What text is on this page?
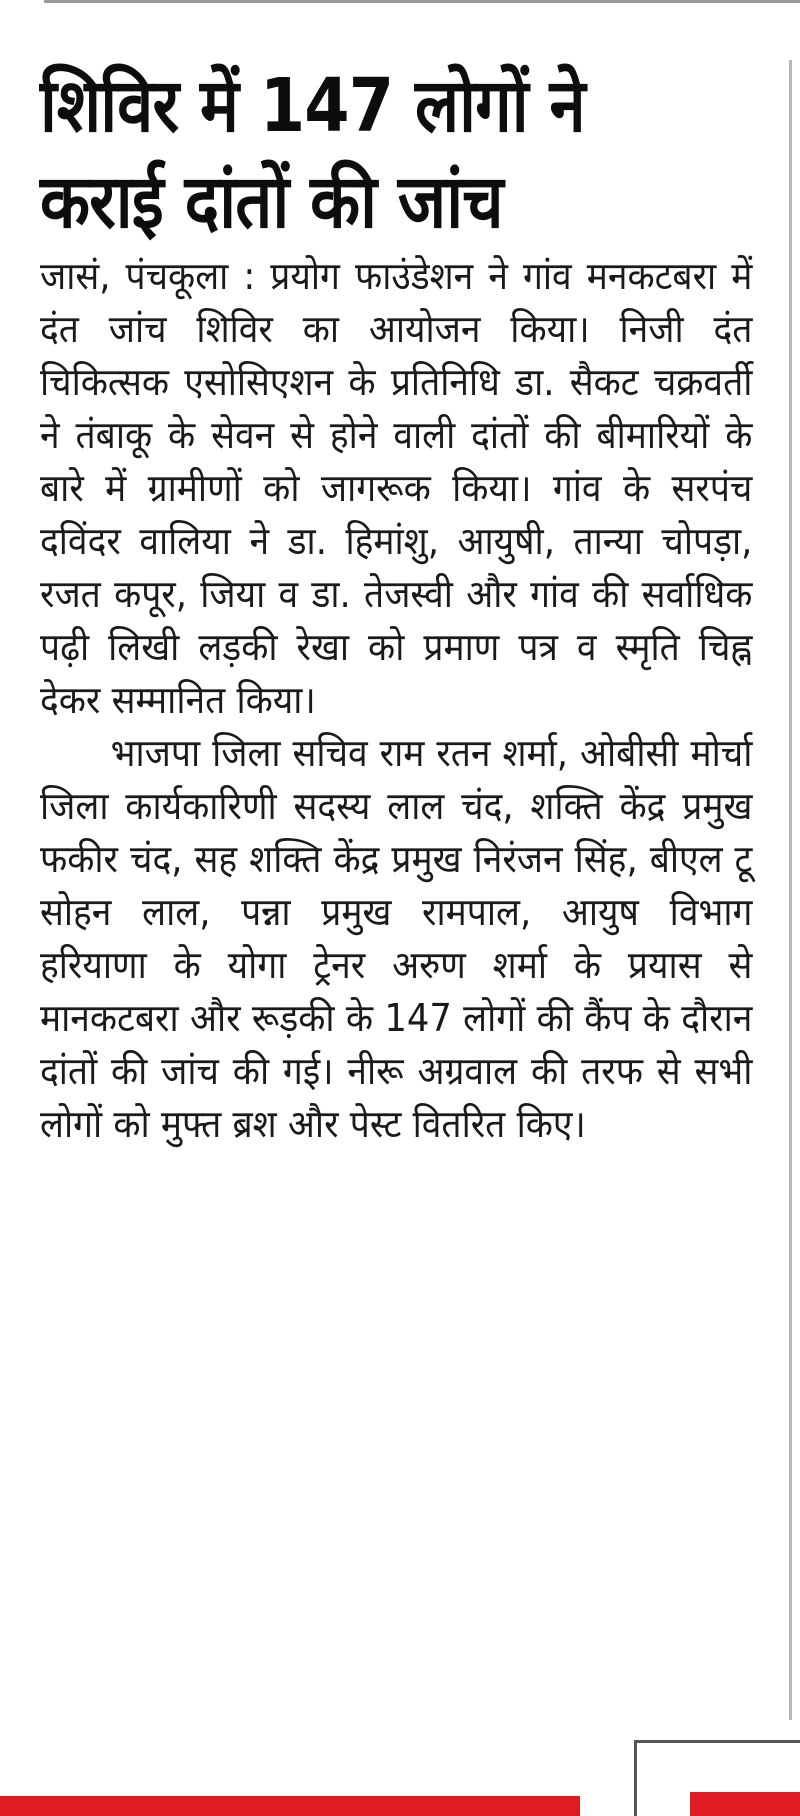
शिविर में 147 लोगों ने
कराई दांतों की जांच

जासं, पंचकूला : प्रयोग फाउंडेशन ने गांव मनकटबरा में दंत जांच शिविर का आयोजन किया। निजी दंत चिकित्सक एसोसिएशन के प्रतिनिधि डा. सैकट चक्रवर्ती ने तंबाकू के सेवन से होने वाली दांतों की बीमारियों के बारे में ग्रामीणों को जागरूक किया। गांव के सरपंच दविंदर वालिया ने डा. हिमांशु, आयुषी, तान्या चोपड़ा, रजत कपूर, जिया व डा. तेजस्वी और गांव की सर्वाधिक पढ़ी लिखी लड़की रेखा को प्रमाण पत्र व स्मृति चिह्न देकर सम्मानित किया।

भाजपा जिला सचिव राम रतन शर्मा, ओबीसी मोर्चा जिला कार्यकारिणी सदस्य लाल चंद, शक्ति केंद्र प्रमुख फकीर चंद, सह शक्ति केंद्र प्रमुख निरंजन सिंह, बीएल टू सोहन लाल, पन्ना प्रमुख रामपाल, आयुष विभाग हरियाणा के योगा ट्रेनर अरुण शर्मा के प्रयास से मानकटबरा और रूड़की के 147 लोगों की कैंप के दौरान दांतों की जांच की गई। नीरू अग्रवाल की तरफ से सभी लोगों को मुफ्त ब्रश और पेस्ट वितरित किए।
